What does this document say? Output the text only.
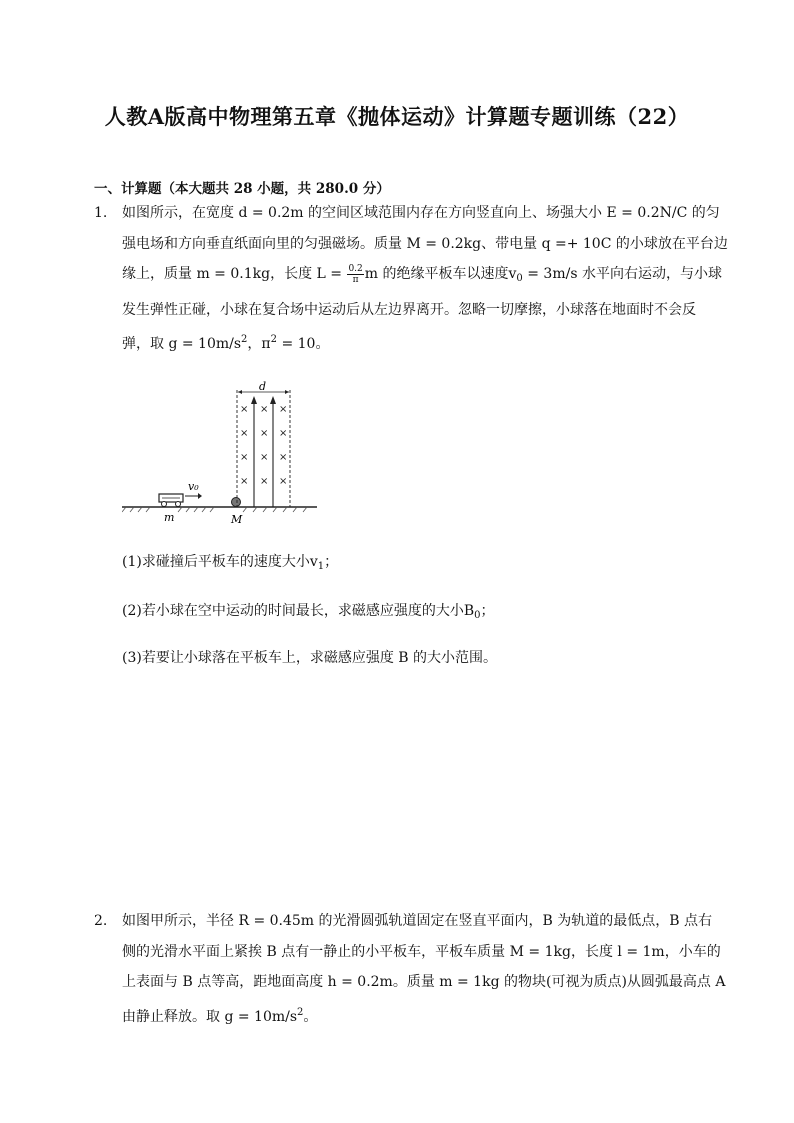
人教A版高中物理第五章《抛体运动》计算题专题训练（22）
一、计算题（本大题共 28 小题，共 280.0 分）
1. 如图所示，在宽度 d = 0.2m 的空间区域范围内存在方向竖直向上、场强大小 E = 0.2N/C 的匀
强电场和方向垂直纸面向里的匀强磁场。质量 M = 0.2kg、带电量 q =+ 10C 的小球放在平台边
缘上，质量 m = 0.1kg，长度 $L = \frac{0.2}{\pi}$ m 的绝缘平板车以速度$v_0 = 3m/s$ 水平向右运动，与小球
发生弹性正碰，小球在复合场中运动后从左边界离开。忽略一切摩擦，小球落在地面时不会反
弹，取 $g = 10m/s^2$，$\pi^2 = 10$。
v₀
m	M
d
× × ×
× × ×
× × ×
× × ×
(1)求碰撞后平板车的速度大小$v_1$；
(2)若小球在空中运动的时间最长，求磁感应强度的大小$B_0$；
(3)若要让小球落在平板车上，求磁感应强度 B 的大小范围。
2. 如图甲所示，半径 R = 0.45m 的光滑圆弧轨道固定在竖直平面内，B 为轨道的最低点，B 点右
侧的光滑水平面上紧挨 B 点有一静止的小平板车，平板车质量 M = 1kg，长度 l = 1m，小车的
上表面与 B 点等高，距地面高度 h = 0.2m。质量 m = 1kg 的物块(可视为质点)从圆弧最高点 A
由静止释放。取 $g = 10m/s^2$。
